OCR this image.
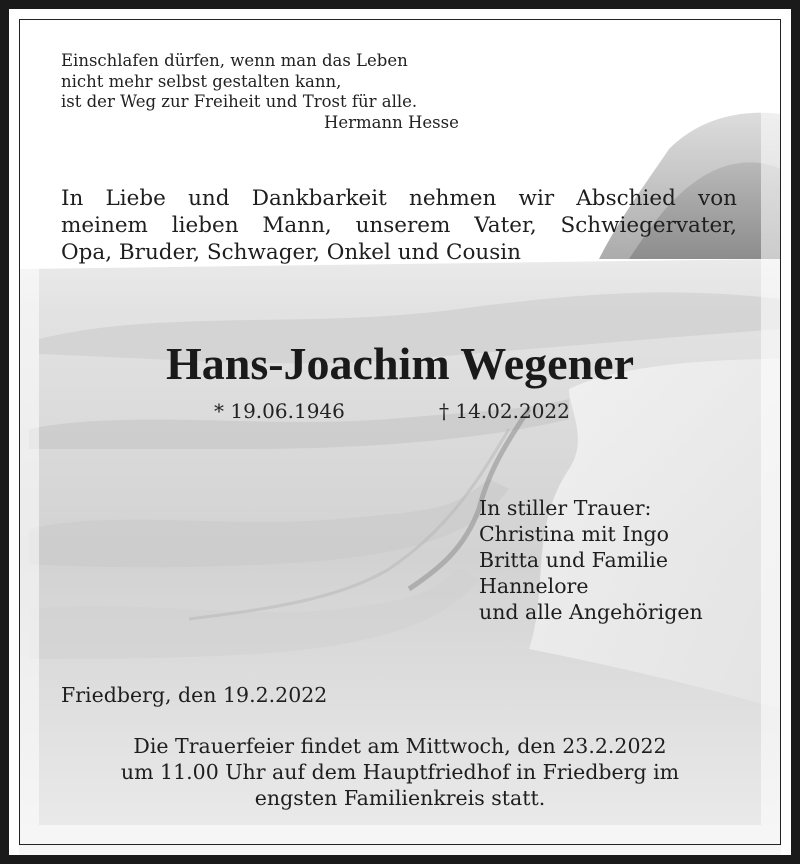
Einschlafen dürfen, wenn man das Leben
nicht mehr selbst gestalten kann,
ist der Weg zur Freiheit und Trost für alle.
Hermann Hesse
In Liebe und Dankbarkeit nehmen wir Abschied von
meinem lieben Mann, unserem Vater, Schwiegervater,
Opa, Bruder, Schwager, Onkel und Cousin
Hans-Joachim Wegener
* 19.06.1946	† 14.02.2022
In stiller Trauer:
Christina mit Ingo
Britta und Familie
Hannelore
und alle Angehörigen
Friedberg, den 19.2.2022
Die Trauerfeier findet am Mittwoch, den 23.2.2022
um 11.00 Uhr auf dem Hauptfriedhof in Friedberg im
engsten Familienkreis statt.
